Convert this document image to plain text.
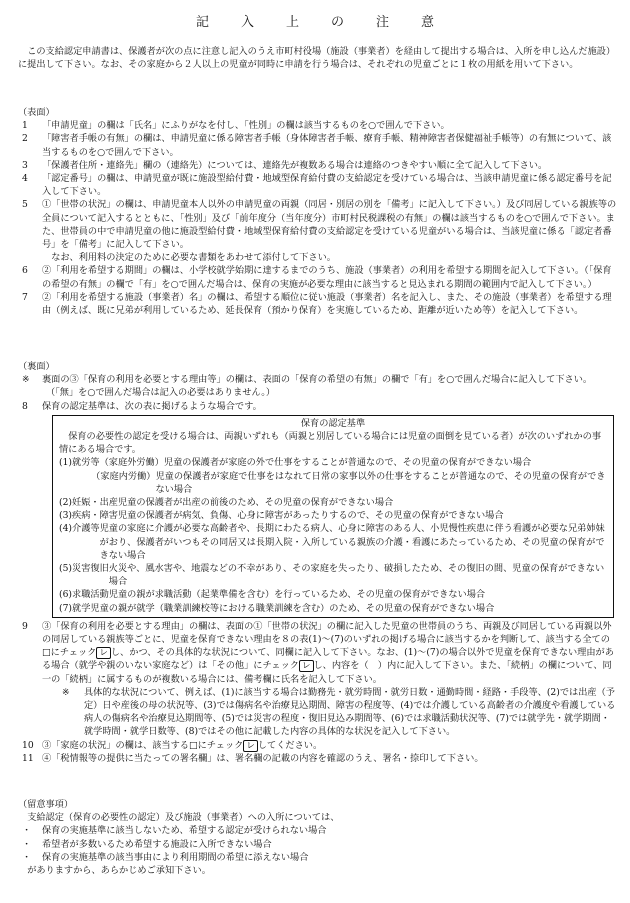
記 入 上 の 注 意

この支給認定申請書は、保護者が次の点に注意し記入のうえ市町村役場（施設（事業者）を経由して提出する場合は、入所を申し込んだ施設）に提出して下さい。なお、その家庭から２人以上の児童が同時に申請を行う場合は、それぞれの児童ごとに１枚の用紙を用いて下さい。

（表面）

1	「申請児童」の欄は「氏名」にふりがなを付し、「性別」の欄は該当するものを○で囲んで下さい。
2	「障害者手帳の有無」の欄は、申請児童に係る障害者手帳（身体障害者手帳、療育手帳、精神障害者保健福祉手帳等）の有無について、該当するものを○で囲んで下さい。
3	「保護者住所・連絡先」欄の（連絡先）については、連絡先が複数ある場合は連絡のつきやすい順に全て記入して下さい。
4	「認定番号」の欄は、申請児童が既に施設型給付費・地域型保育給付費の支給認定を受けている場合は、当該申請児童に係る認定番号を記入して下さい。
5	①「世帯の状況」の欄は、申請児童本人以外の申請児童の両親（同居・別居の別を「備考」に記入して下さい。）及び同居している親族等の全員について記入するとともに、「性別」及び「前年度分（当年度分）市町村民税課税の有無」の欄は該当するものを○で囲んで下さい。また、世帯員の中で申請児童の他に施設型給付費・地域型保育給付費の支給認定を受けている児童がいる場合は、当該児童に係る「認定者番号」を「備考」に記入して下さい。
なお、利用料の決定のために必要な書類をあわせて添付して下さい。
6	②「利用を希望する期間」の欄は、小学校就学始期に達するまでのうち、施設（事業者）の利用を希望する期間を記入して下さい。（「保育の希望の有無」の欄で「有」を○で囲んだ場合は、保育の実施が必要な理由に該当すると見込まれる期間の範囲内で記入して下さい。）
7	②「利用を希望する施設（事業者）名」の欄は、希望する順位に従い施設（事業者）名を記入し、また、その施設（事業者）を希望する理由（例えば、既に兄弟が利用しているため、延長保育（預かり保育）を実施しているため、距離が近いため等）を記入して下さい。

（裏面）

※	裏面の③「保育の利用を必要とする理由等」の欄は、表面の「保育の希望の有無」の欄で「有」を○で囲んだ場合に記入して下さい。

（「無」を○で囲んだ場合は記入の必要はありません。）

8	保育の認定基準は、次の表に掲げるような場合です。
保育の認定基準

保育の必要性の認定を受ける場合は、両親いずれも（両親と別居している場合には児童の面倒を見ている者）が次のいずれかの事情にある場合です。

(1)就労等（家庭外労働） 児童の保護者が家庭の外で仕事をすることが普通なので、その児童の保育ができない場合
　　　　（家庭内労働） 児童の保護者が家庭で仕事をはなれて日常の家事以外の仕事をすることが普通なので、その児童の保育ができない場合
(2)妊娠・出産 児童の保護者が出産の前後のため、その児童の保育ができない場合
(3)疾病・障害 児童の保護者が病気、負傷、心身に障害があったりするので、その児童の保育ができない場合
(4)介護等 児童の家庭に介護が必要な高齢者や、長期にわたる病人、心身に障害のある人、小児慢性疾患に伴う看護が必要な兄弟姉妹がおり、保護者がいつもその同居又は長期入院・入所している親族の介護・看護にあたっているため、その児童の保育ができない場合
(5)災害復旧 火災や、風水害や、地震などの不幸があり、その家庭を失ったり、破損したため、その復旧の間、児童の保育ができない場合
(6)求職活動 児童の親が求職活動（起業準備を含む）を行っているため、その児童の保育ができない場合
(7)就学 児童の親が就学（職業訓練校等における職業訓練を含む）のため、その児童の保育ができない場合
9	③「保育の利用を必要とする理由」の欄は、表面の①「世帯の状況」の欄に記入した児童の世帯員のうち、両親及び同居している両親以外の同居している親族等ごとに、児童を保育できない理由を８の表(1)～(7)のいずれの掲げる場合に該当するかを判断して、該当する全ての□にチェック レ し、かつ、その具体的な状況について、同欄に記入して下さい。なお、(1)～(7)の場合以外で児童を保育できない理由がある場合（就学や親のいない家庭など）は「その他」にチェック レ し、内容を（　）内に記入して下さい。また、「続柄」の欄について、同一の「続柄」に属するものが複数いる場合には、備考欄に氏名を記入して下さい。
※	具体的な状況について、例えば、(1)に該当する場合は勤務先・就労時間・就労日数・通勤時間・経路・手段等、(2)では出産（予定）日や産後の母の状況等、(3)では傷病名や治療見込期間、障害の程度等、(4)では介護している高齢者の介護度や看護している病人の傷病名や治療見込期間等、(5)では災害の程度・復旧見込み期間等、(6)では求職活動状況等、(7)では就学先・就学期間・就学時間・就学日数等、(8)ではその他に記載した内容の具体的な状況を記入して下さい。
10 ③「家庭の状況」の欄は、該当する□にチェック レ してください。
11 ④「税情報等の提供に当たっての署名欄」は、署名欄の記載の内容を確認のうえ、署名・捺印して下さい。

（留意事項）

支給認定（保育の必要性の認定）及び施設（事業者）への入所については、

・	保育の実施基準に該当しないため、希望する認定が受けられない場合
・	希望者が多数いるため希望する施設に入所できない場合
・	保育の実施基準の該当事由により利用期間の希望に添えない場合

がありますから、あらかじめご承知下さい。
